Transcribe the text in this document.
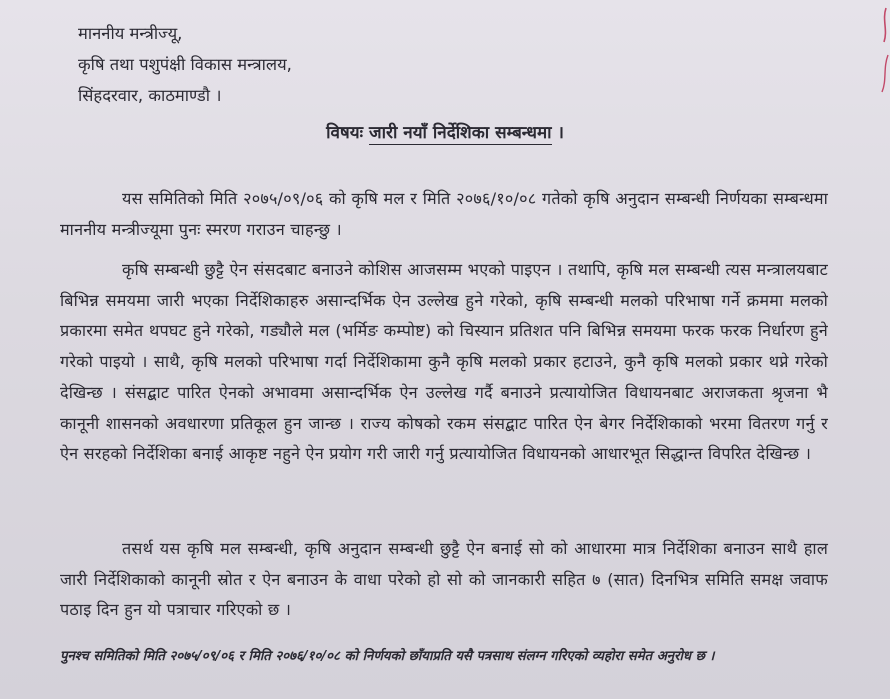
माननीय मन्त्रीज्यू,
कृषि तथा पशुपंक्षी विकास मन्त्रालय,
सिंहदरवार, काठमाण्डौ ।
विषयः जारी नयाँ निर्देशिका सम्बन्धमा ।
यस समितिको मिति २०७५/०९/०६ को कृषि मल र मिति २०७६/१०/०८ गतेको कृषि अनुदान सम्बन्धी निर्णयका सम्बन्धमा माननीय मन्त्रीज्यूमा पुनः स्मरण गराउन चाहन्छु ।
कृषि सम्बन्धी छुट्टै ऐन संसदबाट बनाउने कोशिस आजसम्म भएको पाइएन । तथापि, कृषि मल सम्बन्धी त्यस मन्त्रालयबाट बिभिन्न समयमा जारी भएका निर्देशिकाहरु असान्दर्भिक ऐन उल्लेख हुने गरेको, कृषि सम्बन्धी मलको परिभाषा गर्ने क्रममा मलको प्रकारमा समेत थपघट हुने गरेको, गड्यौले मल (भर्मिङ कम्पोष्ट) को चिस्यान प्रतिशत पनि बिभिन्न समयमा फरक फरक निर्धारण हुने गरेको पाइयो । साथै, कृषि मलको परिभाषा गर्दा निर्देशिकामा कुनै कृषि मलको प्रकार हटाउने, कुनै कृषि मलको प्रकार थप्ने गरेको देखिन्छ । संसद्बाट पारित ऐनको अभावमा असान्दर्भिक ऐन उल्लेख गर्दै बनाउने प्रत्यायोजित विधायनबाट अराजकता श्रृजना भै कानूनी शासनको अवधारणा प्रतिकूल हुन जान्छ । राज्य कोषको रकम संसद्बाट पारित ऐन बेगर निर्देशिकाको भरमा वितरण गर्नु र ऐन सरहको निर्देशिका बनाई आकृष्ट नहुने ऐन प्रयोग गरी जारी गर्नु प्रत्यायोजित विधायनको आधारभूत सिद्धान्त विपरित देखिन्छ ।
तसर्थ यस कृषि मल सम्बन्धी, कृषि अनुदान सम्बन्धी छुट्टै ऐन बनाई सो को आधारमा मात्र निर्देशिका बनाउन साथै हाल जारी निर्देशिकाको कानूनी स्रोत र ऐन बनाउन के वाधा परेको हो सो को जानकारी सहित ७ (सात) दिनभित्र समिति समक्ष जवाफ पठाइ दिन हुन यो पत्राचार गरिएको छ ।
पुनश्च समितिको मिति २०७५/०९/०६ र मिति २०७६/१०/०८ को निर्णयको छाँयाप्रति यसै पत्रसाथ संलग्न गरिएको व्यहोरा समेत अनुरोध छ ।
